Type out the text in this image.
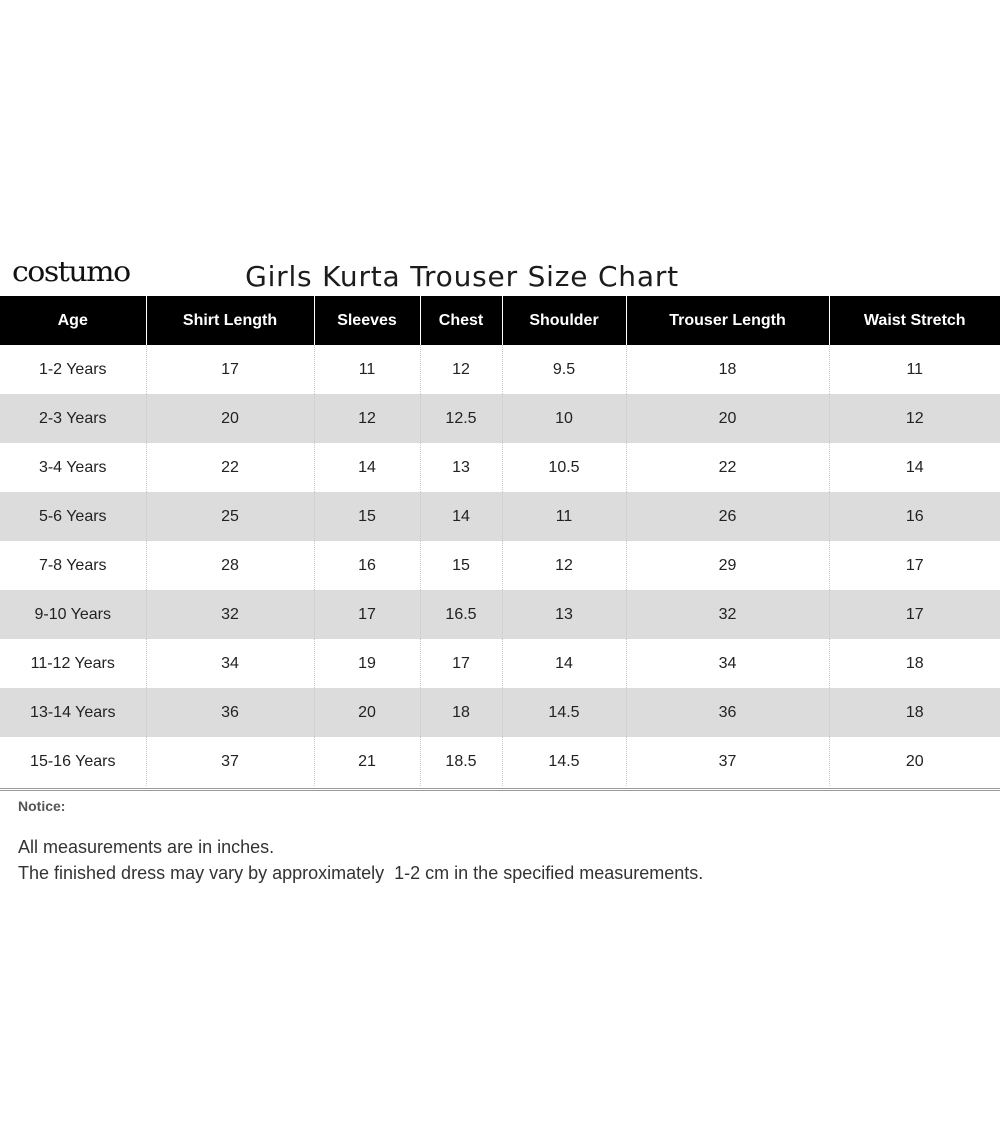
costumo	Girls Kurta Trouser Size Chart
Age	Shirt Length	Sleeves	Chest	Shoulder	Trouser Length	Waist Stretch
1-2 Years	17	11	12	9.5	18	11
2-3 Years	20	12	12.5	10	20	12
3-4 Years	22	14	13	10.5	22	14
5-6 Years	25	15	14	11	26	16
7-8 Years	28	16	15	12	29	17
9-10 Years	32	17	16.5	13	32	17
11-12 Years	34	19	17	14	34	18
13-14 Years	36	20	18	14.5	36	18
15-16 Years	37	21	18.5	14.5	37	20
Notice:
All measurements are in inches.
The finished dress may vary by approximately  1-2 cm in the specified measurements.
